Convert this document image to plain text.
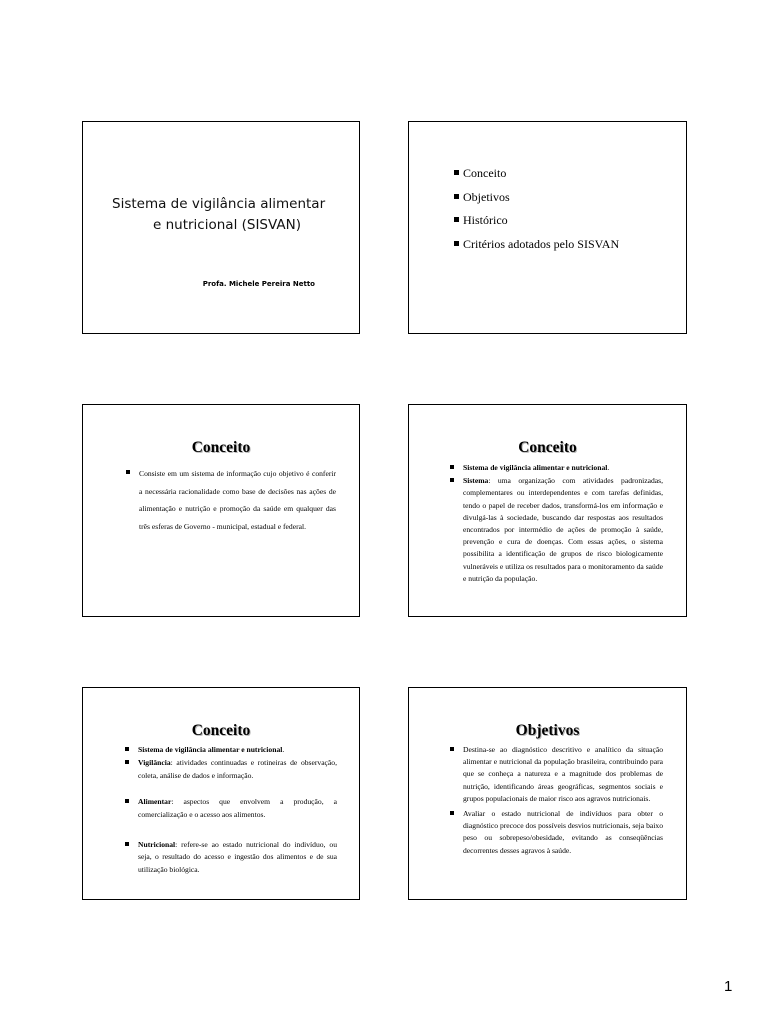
Sistema de vigilância alimentar
e nutricional (SISVAN)
Profa. Michele Pereira Netto
Conceito
Objetivos
Histórico
Critérios adotados pelo SISVAN
Conceito
Consiste em um sistema de informação cujo objetivo é conferir a necessária racionalidade como base de decisões nas ações de alimentação e nutrição e promoção da saúde em qualquer das três esferas de Governo - municipal, estadual e federal.
Conceito
Sistema de vigilância alimentar e nutricional.
Sistema: uma organização com atividades padronizadas, complementares ou interdependentes e com tarefas definidas, tendo o papel de receber dados, transformá-los em informação e divulgá-las à sociedade, buscando dar respostas aos resultados encontrados por intermédio de ações de promoção à saúde, prevenção e cura de doenças. Com essas ações, o sistema possibilita a identificação de grupos de risco biologicamente vulneráveis e utiliza os resultados para o monitoramento da saúde e nutrição da população.
Conceito
Sistema de vigilância alimentar e nutricional.
Vigilância: atividades continuadas e rotineiras de observação, coleta, análise de dados e informação.
Alimentar: aspectos que envolvem a produção, a comercialização e o acesso aos alimentos.
Nutricional: refere-se ao estado nutricional do indivíduo, ou seja, o resultado do acesso e ingestão dos alimentos e de sua utilização biológica.
Objetivos
Destina-se ao diagnóstico descritivo e analítico da situação alimentar e nutricional da população brasileira, contribuindo para que se conheça a natureza e a magnitude dos problemas de nutrição, identificando áreas geográficas, segmentos sociais e grupos populacionais de maior risco aos agravos nutricionais.
Avaliar o estado nutricional de indivíduos para obter o diagnóstico precoce dos possíveis desvios nutricionais, seja baixo peso ou sobrepeso/obesidade, evitando as conseqüências decorrentes desses agravos à saúde.
1
